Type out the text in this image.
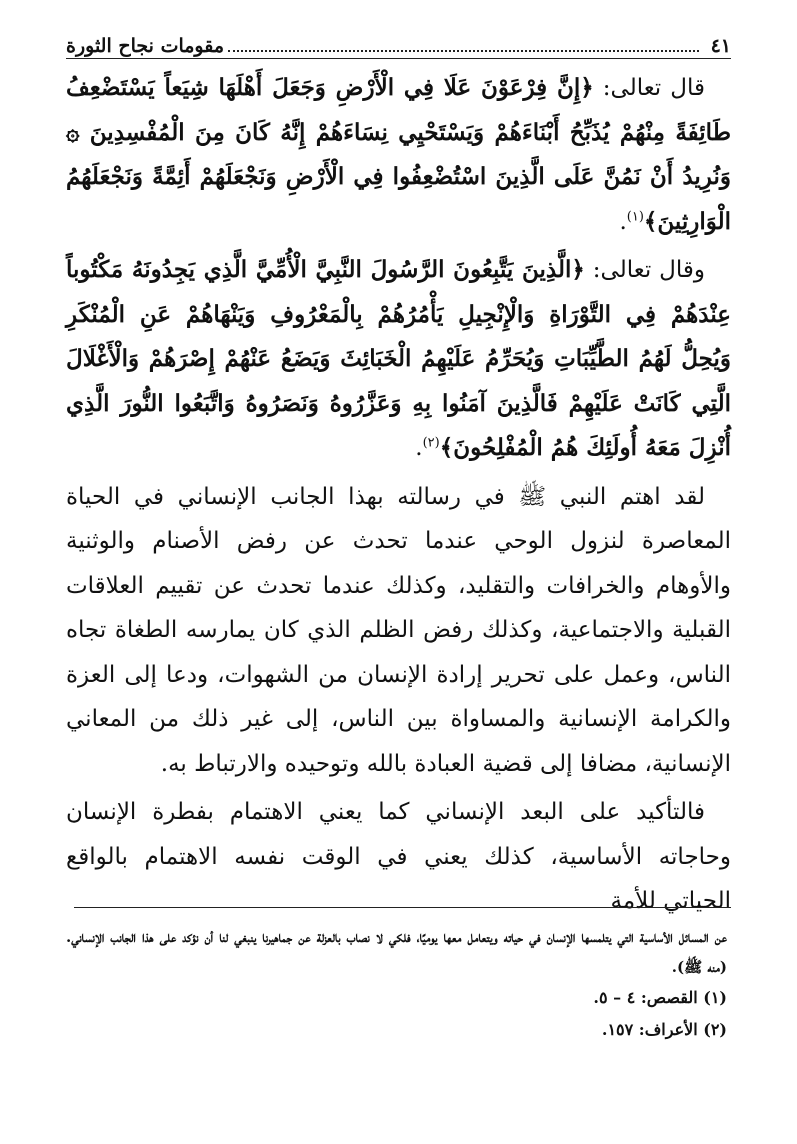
٤١
مقومات نجاح الثورة

قال تعالى: ﴿إِنَّ فِرْعَوْنَ عَلَا فِي الْأَرْضِ وَجَعَلَ أَهْلَهَا شِيَعاً يَسْتَضْعِفُ طَائِفَةً مِنْهُمْ يُذَبِّحُ أَبْنَاءَهُمْ وَيَسْتَحْيِي نِسَاءَهُمْ إِنَّهُ كَانَ مِنَ الْمُفْسِدِينَ ۞ وَنُرِيدُ أَنْ نَمُنَّ عَلَى الَّذِينَ اسْتُضْعِفُوا فِي الْأَرْضِ وَنَجْعَلَهُمْ أَئِمَّةً وَنَجْعَلَهُمُ الْوَارِثِينَ﴾$^{(١)}$.

وقال تعالى: ﴿الَّذِينَ يَتَّبِعُونَ الرَّسُولَ النَّبِيَّ الْأُمِّيَّ الَّذِي يَجِدُونَهُ مَكْتُوباً عِنْدَهُمْ فِي التَّوْرَاةِ وَالْإِنْجِيلِ يَأْمُرُهُمْ بِالْمَعْرُوفِ وَيَنْهَاهُمْ عَنِ الْمُنْكَرِ وَيُحِلُّ لَهُمُ الطَّيِّبَاتِ وَيُحَرِّمُ عَلَيْهِمُ الْخَبَائِثَ وَيَضَعُ عَنْهُمْ إِصْرَهُمْ وَالْأَغْلَالَ الَّتِي كَانَتْ عَلَيْهِمْ فَالَّذِينَ آمَنُوا بِهِ وَعَزَّرُوهُ وَنَصَرُوهُ وَاتَّبَعُوا النُّورَ الَّذِي أُنْزِلَ مَعَهُ أُولَئِكَ هُمُ الْمُفْلِحُونَ﴾$^{(٢)}$.

لقد اهتم النبي ﷺ في رسالته بهذا الجانب الإنساني في الحياة المعاصرة لنزول الوحي عندما تحدث عن رفض الأصنام والوثنية والأوهام والخرافات والتقليد، وكذلك عندما تحدث عن تقييم العلاقات القبلية والاجتماعية، وكذلك رفض الظلم الذي كان يمارسه الطغاة تجاه الناس، وعمل على تحرير إرادة الإنسان من الشهوات، ودعا إلى العزة والكرامة الإنسانية والمساواة بين الناس، إلى غير ذلك من المعاني الإنسانية، مضافا إلى قضية العبادة بالله وتوحيده والارتباط به.

فالتأكيد على البعد الإنساني كما يعني الاهتمام بفطرة الإنسان وحاجاته الأساسية، كذلك يعني في الوقت نفسه الاهتمام بالواقع الحياتي للأمة

عن المسائل الأساسية التي يتلمسها الإنسان في حياته ويتعامل معها يوميًا، فلكي لا نصاب بالعزلة عن جماهيرنا ينبغي لنا أن نؤكد على هذا الجانب الإنساني. (منه ﷺ).

(١) القصص: ٤ – ٥.

(٢) الأعراف: ١٥٧.
